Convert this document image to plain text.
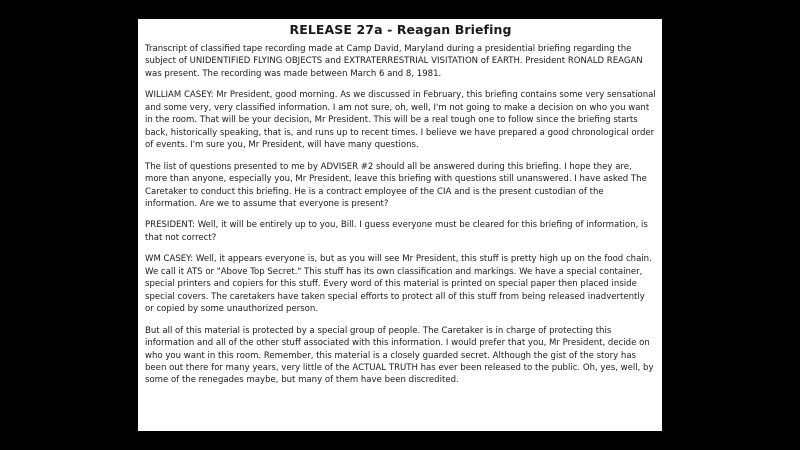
RELEASE 27a - Reagan Briefing

Transcript of classified tape recording made at Camp David, Maryland during a presidential briefing regarding the subject of UNIDENTIFIED FLYING OBJECTS and EXTRATERRESTRIAL VISITATION of EARTH. President RONALD REAGAN was present. The recording was made between March 6 and 8, 1981.

WILLIAM CASEY: Mr President, good morning. As we discussed in February, this briefing contains some very sensational and some very, very classified information. I am not sure, oh, well, I'm not going to make a decision on who you want in the room. That will be your decision, Mr President. This will be a real tough one to follow since the briefing starts back, historically speaking, that is, and runs up to recent times. I believe we have prepared a good chronological order of events. I'm sure you, Mr President, will have many questions.

The list of questions presented to me by ADVISER #2 should all be answered during this briefing. I hope they are, more than anyone, especially you, Mr President, leave this briefing with questions still unanswered. I have asked The Caretaker to conduct this briefing. He is a contract employee of the CIA and is the present custodian of the information. Are we to assume that everyone is present?

PRESIDENT: Well, it will be entirely up to you, Bill. I guess everyone must be cleared for this briefing of information, is that not correct?

WM CASEY: Well, it appears everyone is, but as you will see Mr President, this stuff is pretty high up on the food chain. We call it ATS or "Above Top Secret." This stuff has its own classification and markings. We have a special container, special printers and copiers for this stuff. Every word of this material is printed on special paper then placed inside special covers. The caretakers have taken special efforts to protect all of this stuff from being released inadvertently or copied by some unauthorized person.

But all of this material is protected by a special group of people. The Caretaker is in charge of protecting this information and all of the other stuff associated with this information. I would prefer that you, Mr President, decide on who you want in this room. Remember, this material is a closely guarded secret. Although the gist of the story has been out there for many years, very little of the ACTUAL TRUTH has ever been released to the public. Oh, yes, well, by some of the renegades maybe, but many of them have been discredited.
